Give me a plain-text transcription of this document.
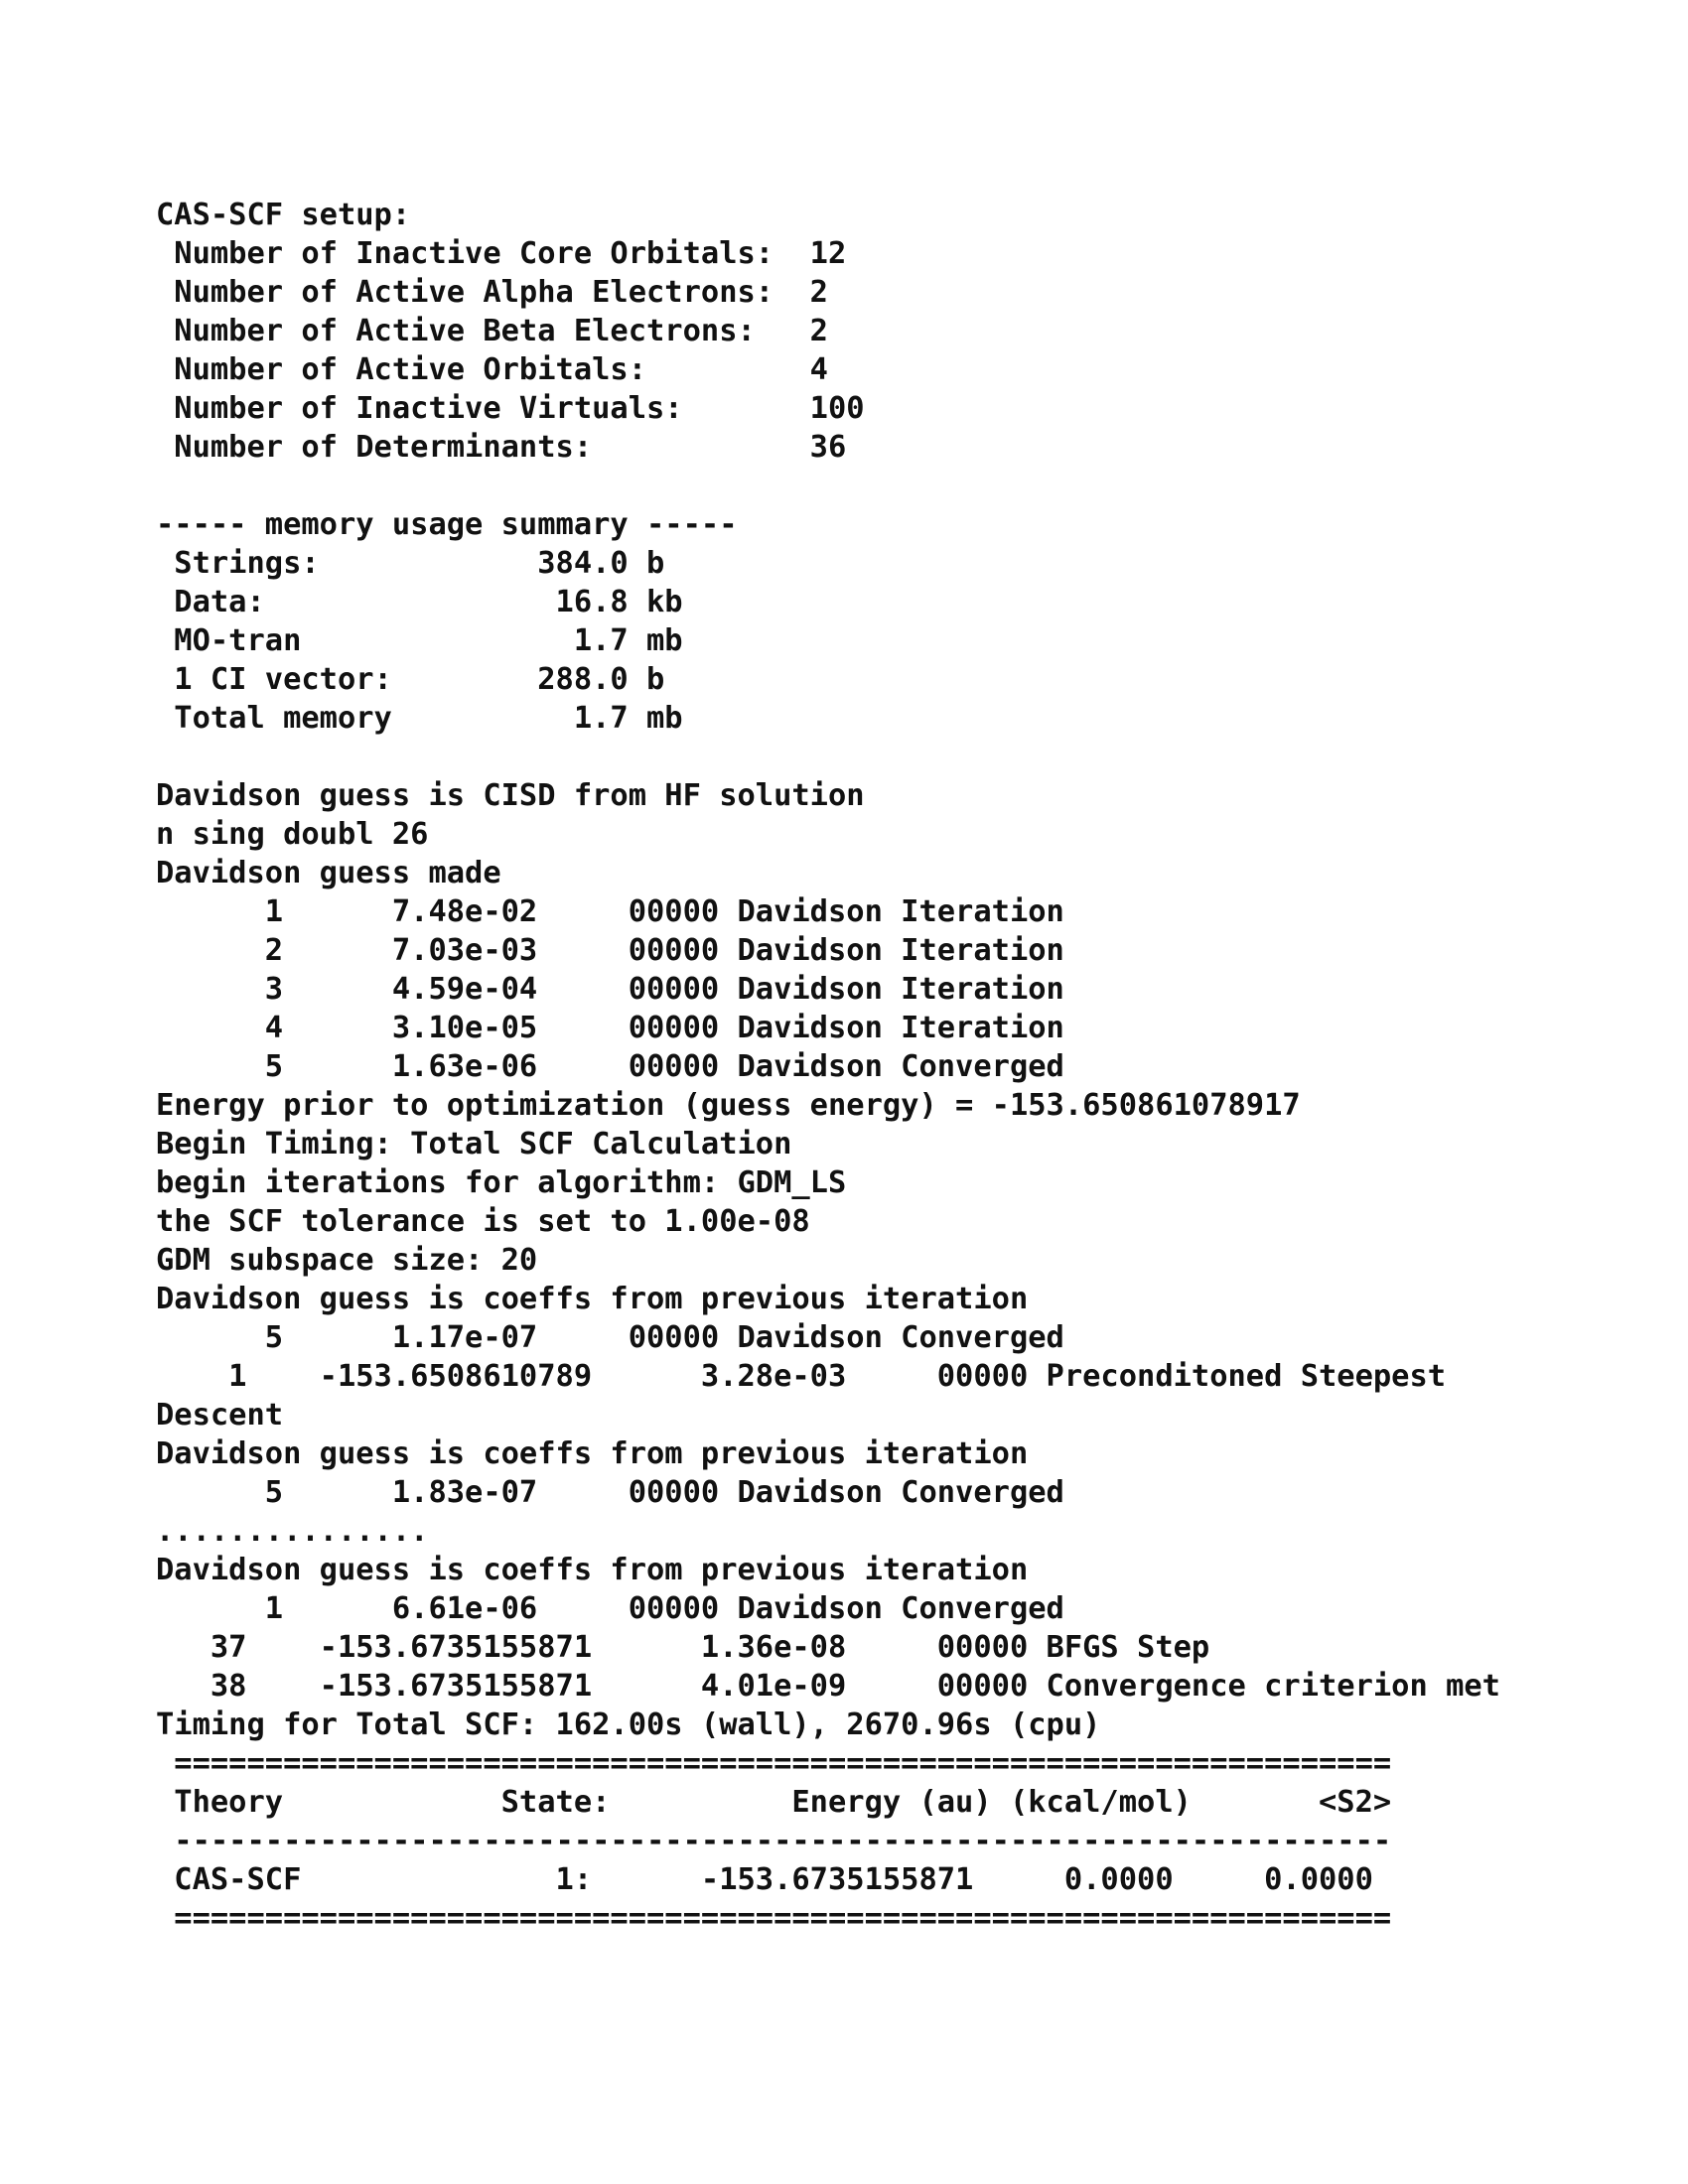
CAS-SCF setup:
Number of Inactive Core Orbitals:  12
Number of Active Alpha Electrons:  2
Number of Active Beta Electrons:   2
Number of Active Orbitals:         4
Number of Inactive Virtuals:       100
Number of Determinants:            36
----- memory usage summary -----
Strings:            384.0 b
Data:                16.8 kb
MO-tran               1.7 mb
1 CI vector:        288.0 b
Total memory          1.7 mb
Davidson guess is CISD from HF solution
n sing doubl 26
Davidson guess made
1      7.48e-02     00000 Davidson Iteration
2      7.03e-03     00000 Davidson Iteration
3      4.59e-04     00000 Davidson Iteration
4      3.10e-05     00000 Davidson Iteration
5      1.63e-06     00000 Davidson Converged
Energy prior to optimization (guess energy) = -153.650861078917
Begin Timing: Total SCF Calculation
begin iterations for algorithm: GDM_LS
the SCF tolerance is set to 1.00e-08
GDM subspace size: 20
Davidson guess is coeffs from previous iteration
5      1.17e-07     00000 Davidson Converged
1    -153.6508610789      3.28e-03     00000 Preconditoned Steepest
Descent
Davidson guess is coeffs from previous iteration
5      1.83e-07     00000 Davidson Converged
...............
Davidson guess is coeffs from previous iteration
1      6.61e-06     00000 Davidson Converged
37    -153.6735155871      1.36e-08     00000 BFGS Step
38    -153.6735155871      4.01e-09     00000 Convergence criterion met
Timing for Total SCF: 162.00s (wall), 2670.96s (cpu)
===================================================================
Theory            State:          Energy (au) (kcal/mol)       <S2>
-------------------------------------------------------------------
CAS-SCF              1:      -153.6735155871     0.0000     0.0000
===================================================================
